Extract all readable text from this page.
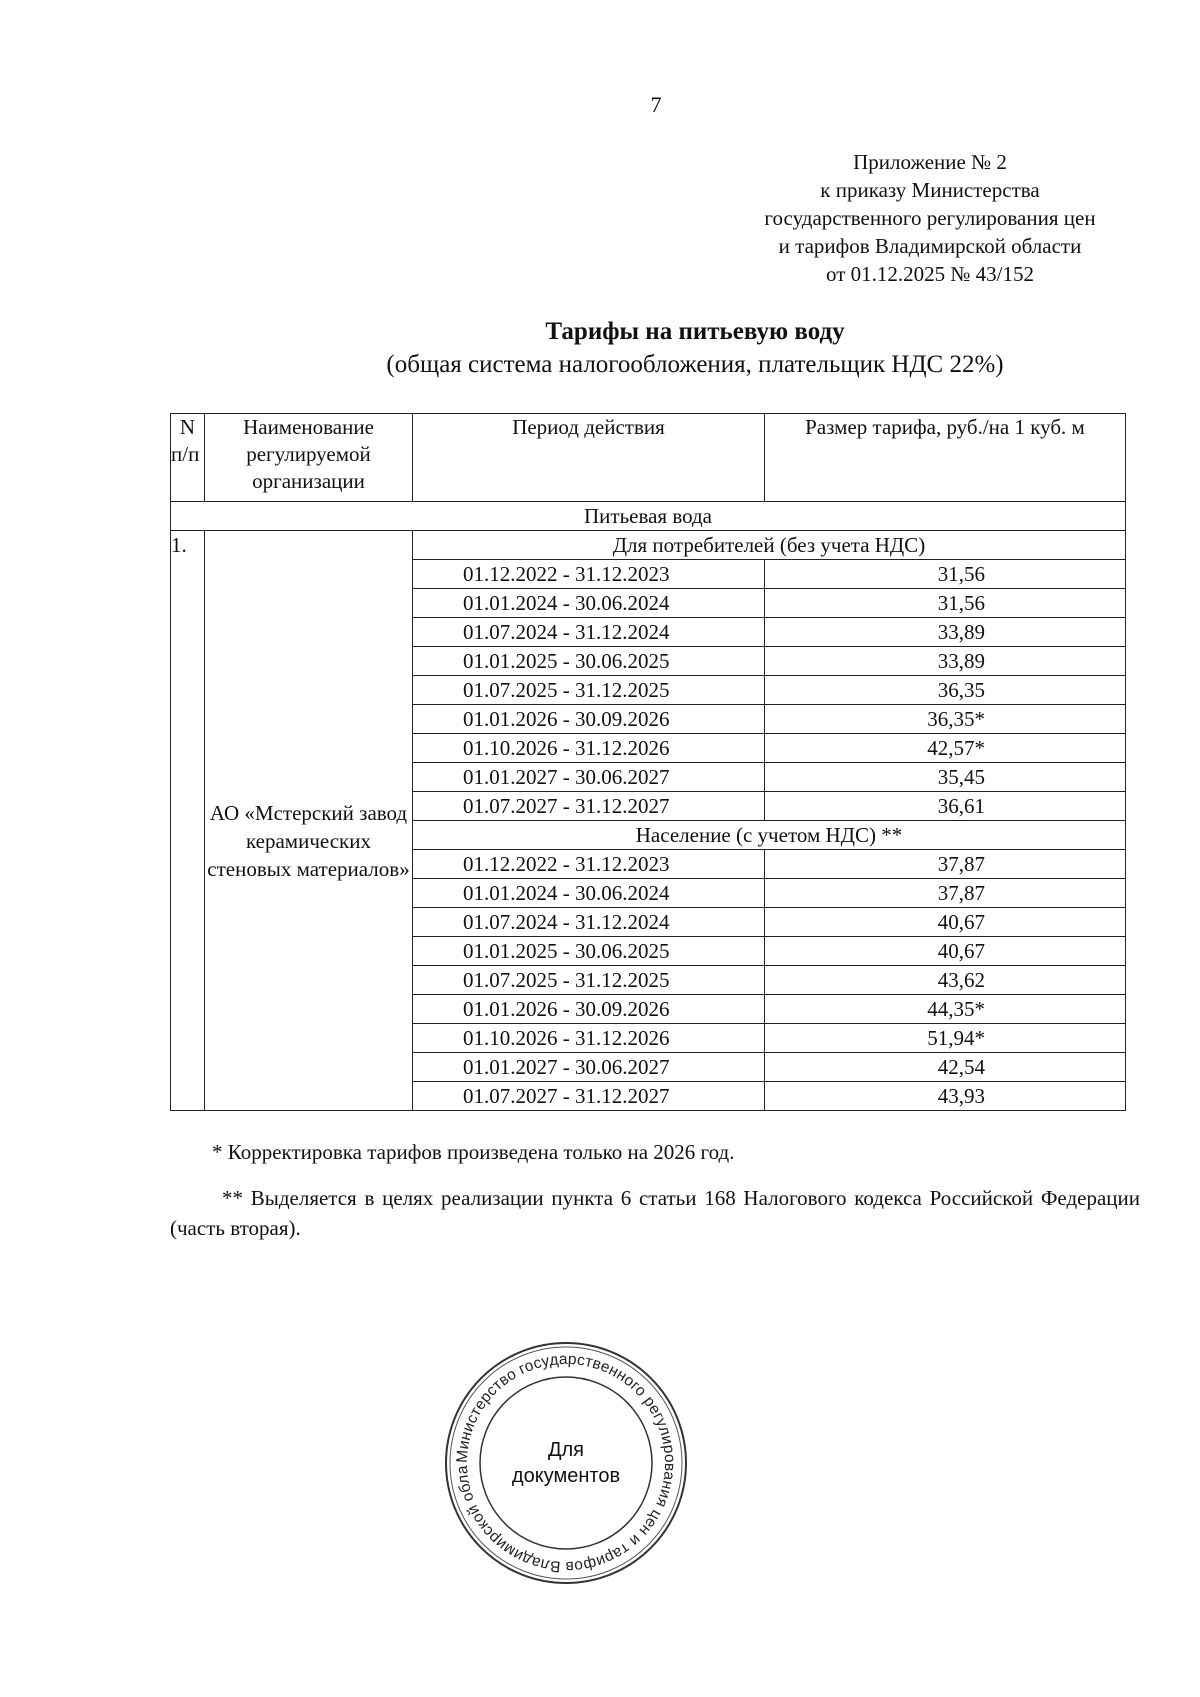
7
Приложение № 2
к приказу Министерства
государственного регулирования цен
и тарифов Владимирской области
от 01.12.2025 № 43/152
Тарифы на питьевую воду
(общая система налогообложения, плательщик НДС 22%)
N
п/п	Наименование регулируемой организации	Период действия	Размер тарифа, руб./на 1 куб. м
Питьевая вода			
1.	АО «Мстерский завод керамических стеновых материалов»	Для потребителей (без учета НДС)	
		01.12.2022 - 31.12.2023	31,56
		01.01.2024 - 30.06.2024	31,56
		01.07.2024 - 31.12.2024	33,89
		01.01.2025 - 30.06.2025	33,89
		01.07.2025 - 31.12.2025	36,35
		01.01.2026 - 30.09.2026	36,35*
		01.10.2026 - 31.12.2026	42,57*
		01.01.2027 - 30.06.2027	35,45
		01.07.2027 - 31.12.2027	36,61
		Население (с учетом НДС) **	
		01.12.2022 - 31.12.2023	37,87
		01.01.2024 - 30.06.2024	37,87
		01.07.2024 - 31.12.2024	40,67
		01.01.2025 - 30.06.2025	40,67
		01.07.2025 - 31.12.2025	43,62
		01.01.2026 - 30.09.2026	44,35*
		01.10.2026 - 31.12.2026	51,94*
		01.01.2027 - 30.06.2027	42,54
		01.07.2027 - 31.12.2027	43,93
* Корректировка тарифов произведена только на 2026 год.
** Выделяется в целях реализации пункта 6 статьи 168 Налогового кодекса Российской Федерации (часть вторая).
Министерство государственного регулирования цен и тарифов Владимирской обла
Для
документов
